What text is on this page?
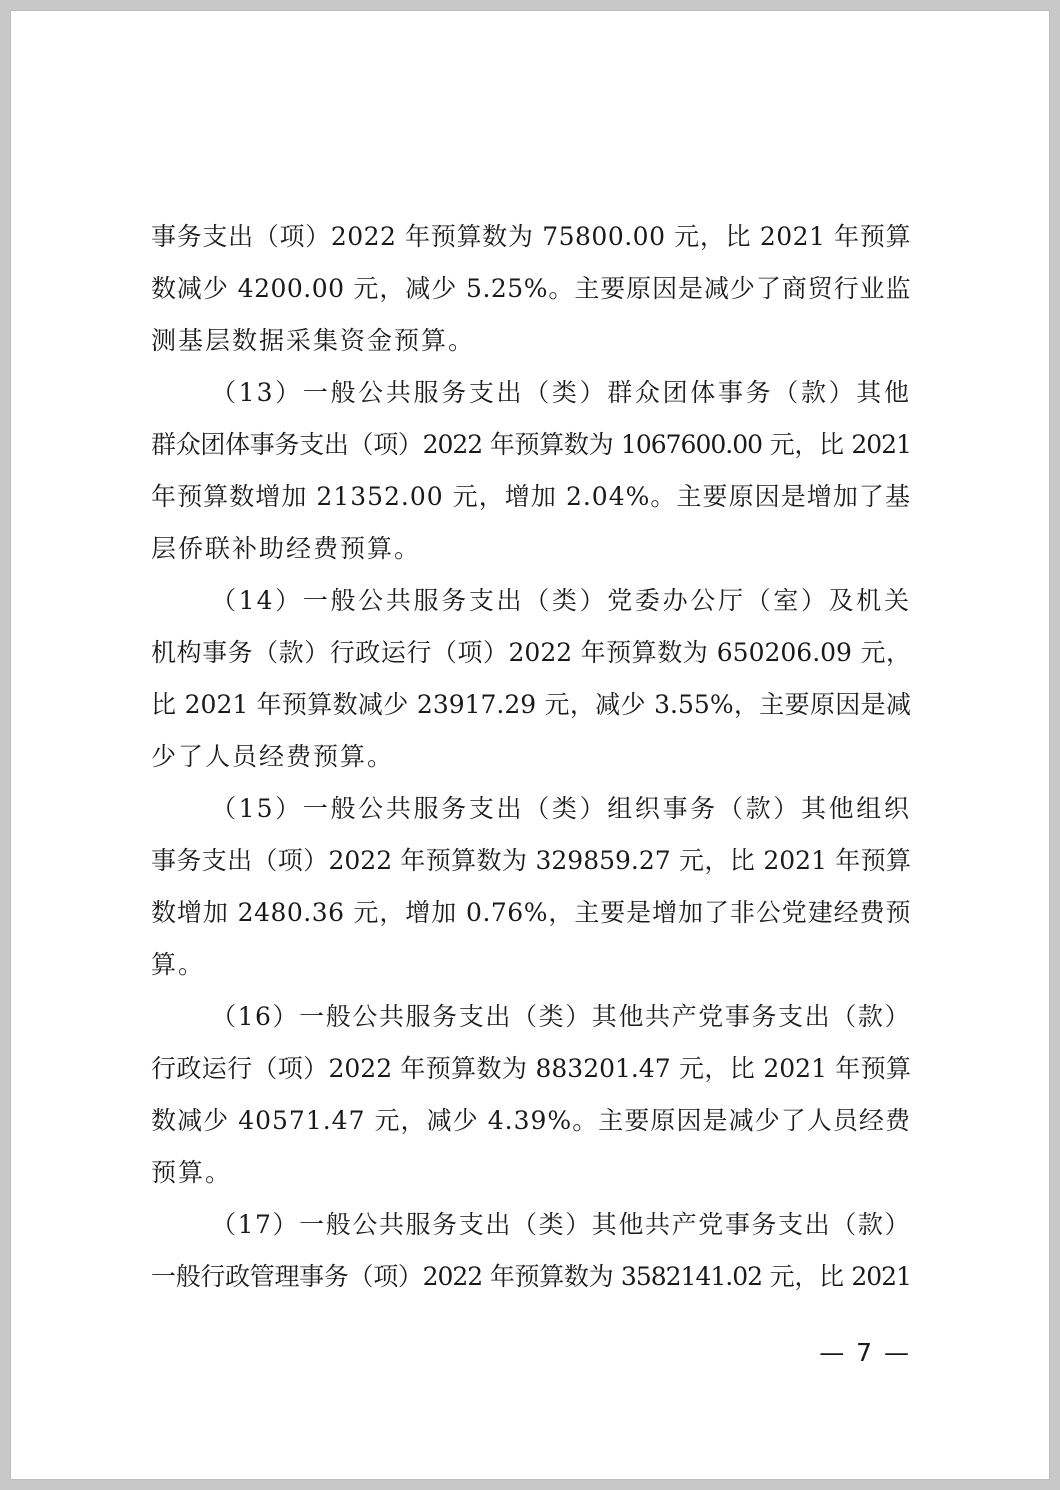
事务支出（项）2022 年预算数为 75800.00 元，比 2021 年预算
数减少 4200.00 元，减少 5.25%。主要原因是减少了商贸行业监
测基层数据采集资金预算。
（13）一般公共服务支出（类）群众团体事务（款）其他
群众团体事务支出（项）2022 年预算数为 1067600.00 元，比 2021
年预算数增加 21352.00 元，增加 2.04%。主要原因是增加了基
层侨联补助经费预算。
（14）一般公共服务支出（类）党委办公厅（室）及机关
机构事务（款）行政运行（项）2022 年预算数为 650206.09 元，
比 2021 年预算数减少 23917.29 元，减少 3.55%，主要原因是减
少了人员经费预算。
（15）一般公共服务支出（类）组织事务（款）其他组织
事务支出（项）2022 年预算数为 329859.27 元，比 2021 年预算
数增加 2480.36 元，增加 0.76%，主要是增加了非公党建经费预
算。
（16）一般公共服务支出（类）其他共产党事务支出（款）
行政运行（项）2022 年预算数为 883201.47 元，比 2021 年预算
数减少 40571.47 元，减少 4.39%。主要原因是减少了人员经费
预算。
（17）一般公共服务支出（类）其他共产党事务支出（款）
一般行政管理事务（项）2022 年预算数为 3582141.02 元，比 2021
— 7 —
